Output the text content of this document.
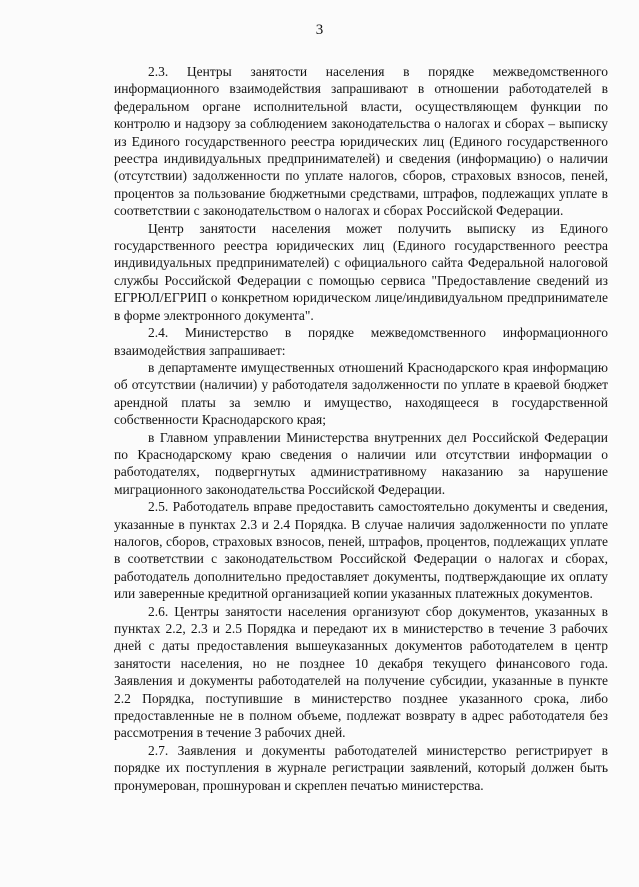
3

2.3. Центры занятости населения в порядке межведомственного информационного взаимодействия запрашивают в отношении работодателей в федеральном органе исполнительной власти, осуществляющем функции по контролю и надзору за соблюдением законодательства о налогах и сборах – выписку из Единого государственного реестра юридических лиц (Единого государственного реестра индивидуальных предпринимателей) и сведения (информацию) о наличии (отсутствии) задолженности по уплате налогов, сборов, страховых взносов, пеней, процентов за пользование бюджетными средствами, штрафов, подлежащих уплате в соответствии с законодательством о налогах и сборах Российской Федерации.

Центр занятости населения может получить выписку из Единого государственного реестра юридических лиц (Единого государственного реестра индивидуальных предпринимателей) с официального сайта Федеральной налоговой службы Российской Федерации с помощью сервиса "Предоставление сведений из ЕГРЮЛ/ЕГРИП о конкретном юридическом лице/индивидуальном предпринимателе в форме электронного документа".

2.4. Министерство в порядке межведомственного информационного взаимодействия запрашивает:

в департаменте имущественных отношений Краснодарского края информацию об отсутствии (наличии) у работодателя задолженности по уплате в краевой бюджет арендной платы за землю и имущество, находящееся в государственной собственности Краснодарского края;

в Главном управлении Министерства внутренних дел Российской Федерации по Краснодарскому краю сведения о наличии или отсутствии информации о работодателях, подвергнутых административному наказанию за нарушение миграционного законодательства Российской Федерации.

2.5. Работодатель вправе предоставить самостоятельно документы и сведения, указанные в пунктах 2.3 и 2.4 Порядка. В случае наличия задолженности по уплате налогов, сборов, страховых взносов, пеней, штрафов, процентов, подлежащих уплате в соответствии с законодательством Российской Федерации о налогах и сборах, работодатель дополнительно предоставляет документы, подтверждающие их оплату или заверенные кредитной организацией копии указанных платежных документов.

2.6. Центры занятости населения организуют сбор документов, указанных в пунктах 2.2, 2.3 и 2.5 Порядка и передают их в министерство в течение 3 рабочих дней с даты предоставления вышеуказанных документов работодателем в центр занятости населения, но не позднее 10 декабря текущего финансового года. Заявления и документы работодателей на получение субсидии, указанные в пункте 2.2 Порядка, поступившие в министерство позднее указанного срока, либо предоставленные не в полном объеме, подлежат возврату в адрес работодателя без рассмотрения в течение 3 рабочих дней.

2.7. Заявления и документы работодателей министерство регистрирует в порядке их поступления в журнале регистрации заявлений, который должен быть пронумерован, прошнурован и скреплен печатью министерства.
